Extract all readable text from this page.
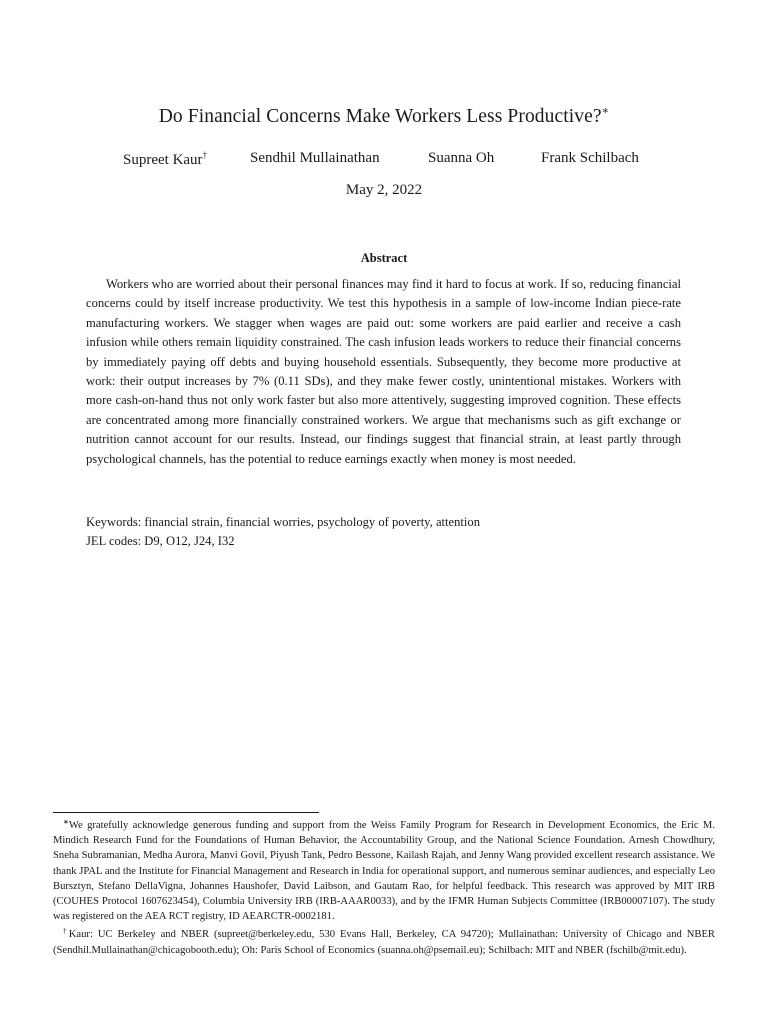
Do Financial Concerns Make Workers Less Productive?∗
Supreet Kaur†	Sendhil Mullainathan	Suanna Oh	Frank Schilbach
May 2, 2022
Abstract

Workers who are worried about their personal finances may find it hard to focus at work. If so, reducing financial concerns could by itself increase productivity. We test this hypothesis in a sample of low-income Indian piece-rate manufacturing workers. We stagger when wages are paid out: some workers are paid earlier and receive a cash infusion while others remain liquidity constrained. The cash infusion leads workers to reduce their financial concerns by immediately paying off debts and buying household essentials. Subsequently, they become more productive at work: their output increases by 7% (0.11 SDs), and they make fewer costly, unintentional mistakes. Workers with more cash-on-hand thus not only work faster but also more attentively, suggesting improved cognition. These effects are concentrated among more financially constrained workers. We argue that mechanisms such as gift exchange or nutrition cannot account for our results. Instead, our findings suggest that financial strain, at least partly through psychological channels, has the potential to reduce earnings exactly when money is most needed.

Keywords: financial strain, financial worries, psychology of poverty, attention
JEL codes: D9, O12, J24, I32

∗We gratefully acknowledge generous funding and support from the Weiss Family Program for Research in Development Economics, the Eric M. Mindich Research Fund for the Foundations of Human Behavior, the Accountability Group, and the National Science Foundation. Arnesh Chowdhury, Sneha Subramanian, Medha Aurora, Manvi Govil, Piyush Tank, Pedro Bessone, Kailash Rajah, and Jenny Wang provided excellent research assistance. We thank JPAL and the Institute for Financial Management and Research in India for operational support, and numerous seminar audiences, and especially Leo Bursztyn, Stefano DellaVigna, Johannes Haushofer, David Laibson, and Gautam Rao, for helpful feedback. This research was approved by MIT IRB (COUHES Protocol 1607623454), Columbia University IRB (IRB-AAAR0033), and by the IFMR Human Subjects Committee (IRB00007107). The study was registered on the AEA RCT registry, ID AEARCTR-0002181.

†Kaur: UC Berkeley and NBER (supreet@berkeley.edu, 530 Evans Hall, Berkeley, CA 94720); Mullainathan: University of Chicago and NBER (Sendhil.Mullainathan@chicagobooth.edu); Oh: Paris School of Economics (suanna.oh@psemail.eu); Schilbach: MIT and NBER (fschilb@mit.edu).
